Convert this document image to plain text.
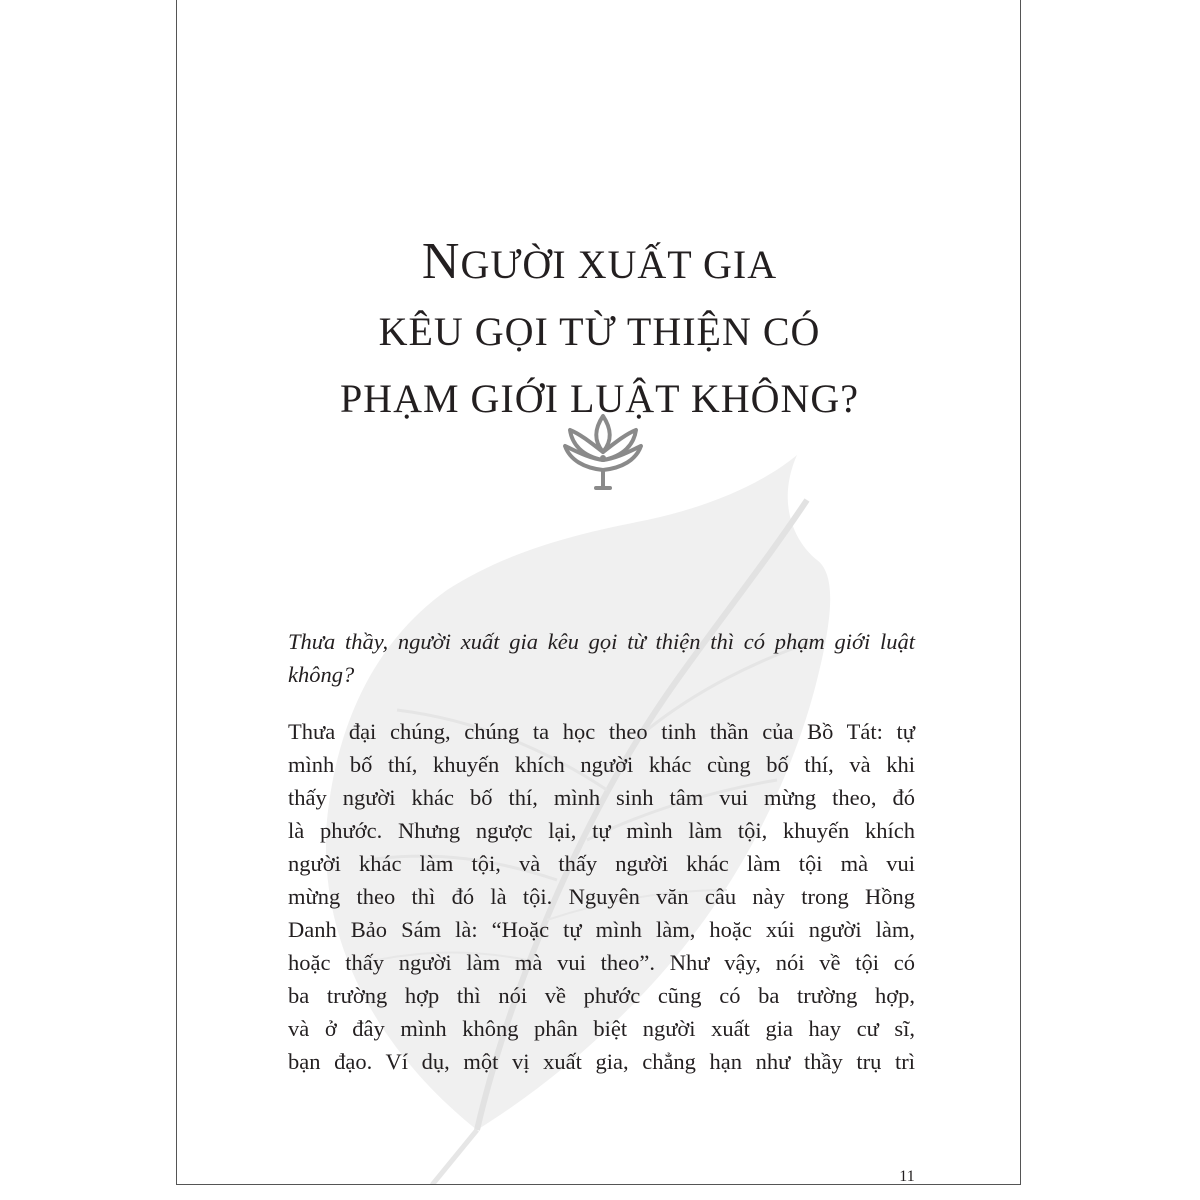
NGƯỜI XUẤT GIA
KÊU GỌI TỪ THIỆN CÓ
PHẠM GIỚI LUẬT KHÔNG?

Thưa thầy, người xuất gia kêu gọi từ thiện thì có phạm giới luật không?

Thưa đại chúng, chúng ta học theo tinh thần của Bồ Tát: tự
mình bố thí, khuyến khích người khác cùng bố thí, và khi
thấy người khác bố thí, mình sinh tâm vui mừng theo, đó
là phước. Nhưng ngược lại, tự mình làm tội, khuyến khích
người khác làm tội, và thấy người khác làm tội mà vui
mừng theo thì đó là tội. Nguyên văn câu này trong Hồng
Danh Bảo Sám là: “Hoặc tự mình làm, hoặc xúi người làm,
hoặc thấy người làm mà vui theo”. Như vậy, nói về tội có
ba trường hợp thì nói về phước cũng có ba trường hợp,
và ở đây mình không phân biệt người xuất gia hay cư sĩ,
bạn đạo. Ví dụ, một vị xuất gia, chẳng hạn như thầy trụ trì
11
